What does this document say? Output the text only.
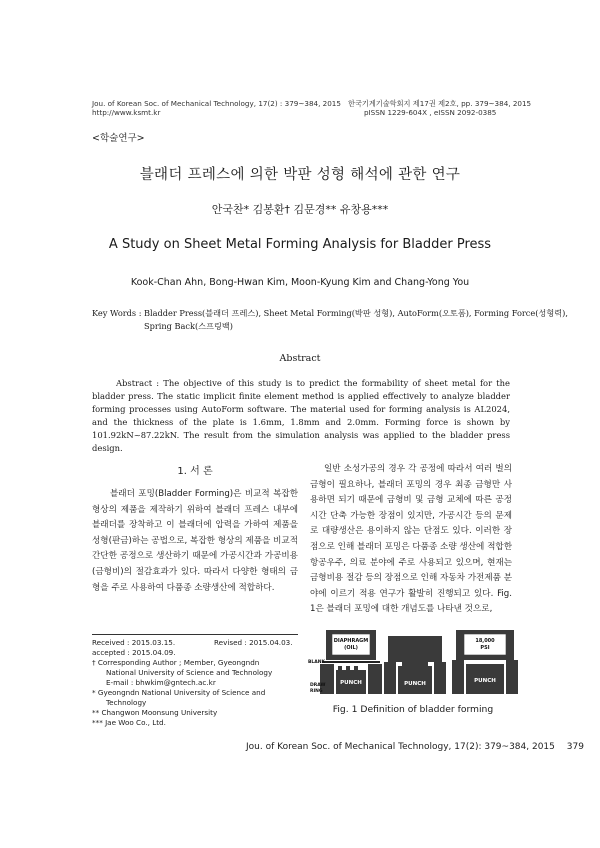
Jou. of Korean Soc. of Mechanical Technology, 17(2) : 379~384, 2015
http://www.ksmt.kr
한국기계기술학회지 제17권 제2호, pp. 379~384, 2015
pISSN 1229-604X , eISSN 2092-0385
<학술연구>
블래더 프레스에 의한 박판 성형 해석에 관한 연구
안국찬* 김봉환† 김문경** 유창용***
A Study on Sheet Metal Forming Analysis for Bladder Press
Kook-Chan Ahn, Bong-Hwan Kim, Moon-Kyung Kim and Chang-Yong You
Key Words : Bladder Press(블래더 프레스), Sheet Metal Forming(박판 성형), AutoForm(오토폼), Forming Force(성형력),
Spring Back(스프링백)
Abstract
Abstract : The objective of this study is to predict the formability of sheet metal for the bladder press. The static implicit finite element method is applied effectively to analyze bladder forming processes using AutoForm software. The material used for forming analysis is AL2024, and the thickness of the plate is 1.6mm, 1.8mm and 2.0mm. Forming force is shown by 101.92kN~87.22kN. The result from the simulation analysis was applied to the bladder press design.
1. 서 론

블래더 포밍(Bladder Forming)은 비교적 복잡한 형상의 제품을 제작하기 위하여 블래더 프레스 내부에 블래더를 장착하고 이 블래더에 압력을 가하여 제품을 성형(판금)하는 공법으로, 복잡한 형상의 제품을 비교적 간단한 공정으로 생산하기 때문에 가공시간과 가공비용(금형비)의 절감효과가 있다. 따라서 다양한 형태의 금형을 주로 사용하여 다품종 소량생산에 적합하다.

Received : 2015.03.15.	Revised : 2015.04.03.
accepted : 2015.04.09.
† Corresponding Author ; Member, Gyeongndn
National University of Science and Technology
E-mail : bhwkim@gntech.ac.kr
* Gyeongndn National University of Science and
Technology
** Changwon Moonsung University
*** Jae Woo Co., Ltd.

일반 소성가공의 경우 각 공정에 따라서 여러 벌의 금형이 필요하나, 블래더 포밍의 경우 최종 금형만 사용하면 되기 때문에 금형비 및 금형 교체에 따른 공정시간 단축 가능한 장점이 있지만, 가공시간 등의 문제로 대량생산은 용이하지 않는 단점도 있다. 이러한 장점으로 인해 블래더 포밍은 다품종 소량 생산에 적합한 항공우주, 의료 분야에 주로 사용되고 있으며, 현재는 금형비용 절감 등의 장점으로 인해 자동차 가전제품 분야에 이르기 적용 연구가 활발히 진행되고 있다. Fig. 1은 블래더 포밍에 대한 개념도를 나타낸 것으로,

DIAPHRAGM
(OIL)
PUNCH
BLANK
DRAW
RING
PUNCH
18,000
PSI
PUNCH
Fig. 1 Definition of bladder forming
Jou. of Korean Soc. of Mechanical Technology, 17(2): 379~384, 2015  379
